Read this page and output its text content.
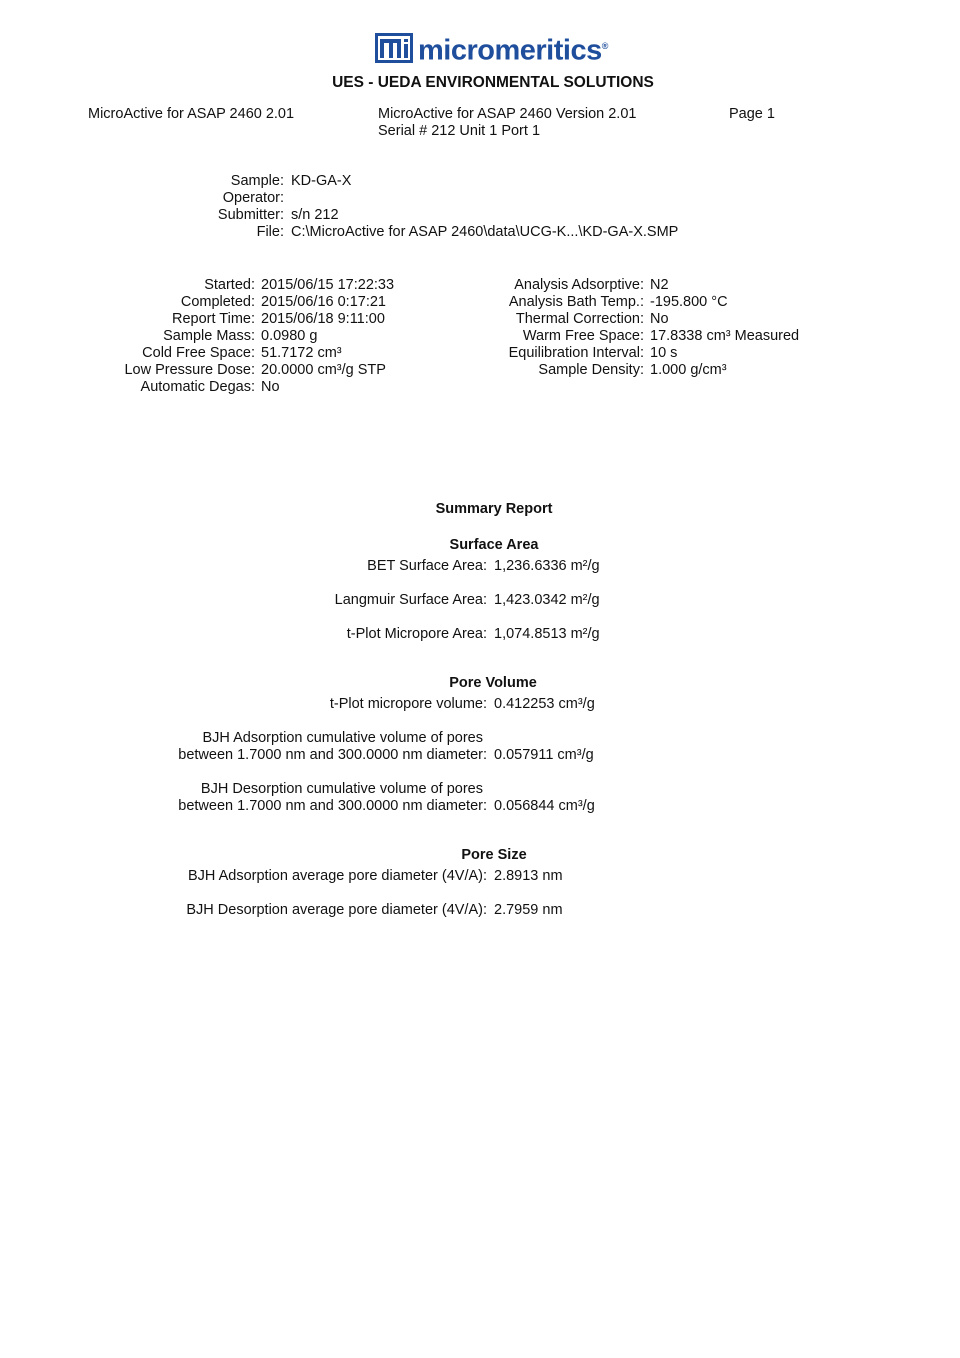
micromeritics®
UES - UEDA ENVIRONMENTAL SOLUTIONS
MicroActive for ASAP 2460 2.01	MicroActive for ASAP 2460 Version 2.01
Serial # 212 Unit 1 Port 1
Page 1
Sample: KD-GA-X
Operator:
Submitter: s/n 212
File: C:\MicroActive for ASAP 2460\data\UCG-K...\KD-GA-X.SMP
Started: 2015/06/15 17:22:33
Completed: 2015/06/16 0:17:21
Report Time: 2015/06/18 9:11:00
Sample Mass: 0.0980 g
Cold Free Space: 51.7172 cm³
Low Pressure Dose: 20.0000 cm³/g STP
Automatic Degas: No
Analysis Adsorptive: N2
Analysis Bath Temp.: -195.800 °C
Thermal Correction: No
Warm Free Space: 17.8338 cm³ Measured
Equilibration Interval: 10 s
Sample Density: 1.000 g/cm³
Summary Report
Surface Area
BET Surface Area: 1,236.6336 m²/g
Langmuir Surface Area: 1,423.0342 m²/g
t-Plot Micropore Area: 1,074.8513 m²/g
Pore Volume
t-Plot micropore volume: 0.412253 cm³/g
BJH Adsorption cumulative volume of pores
between 1.7000 nm and 300.0000 nm diameter: 0.057911 cm³/g
BJH Desorption cumulative volume of pores
between 1.7000 nm and 300.0000 nm diameter: 0.056844 cm³/g
Pore Size
BJH Adsorption average pore diameter (4V/A): 2.8913 nm
BJH Desorption average pore diameter (4V/A): 2.7959 nm
